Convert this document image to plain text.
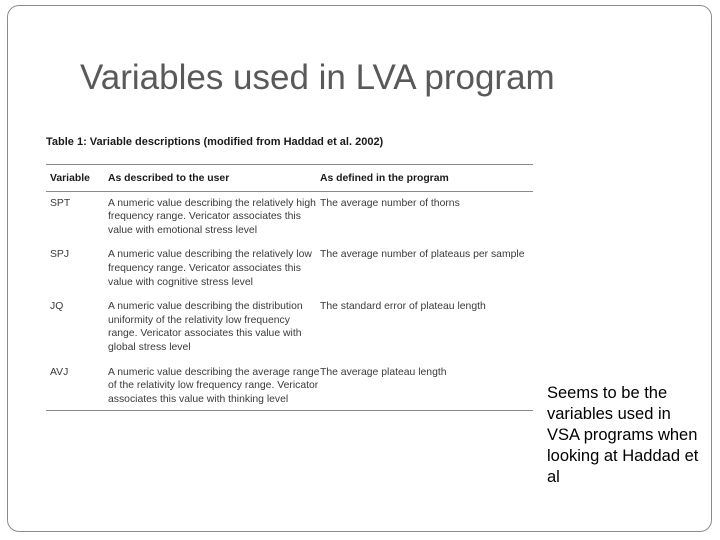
Variables used in LVA program
Table 1: Variable descriptions (modified from Haddad et al. 2002)
Variable	As described to the user	As defined in the program
SPT	A numeric value describing the relatively high frequency range. Vericator associates this value with emotional stress level	The average number of thorns
SPJ	A numeric value describing the relatively low frequency range. Vericator associates this value with cognitive stress level	The average number of plateaus per sample
JQ	A numeric value describing the distribution uniformity of the relativity low frequency range. Vericator associates this value with global stress level	The standard error of plateau length
AVJ	A numeric value describing the average range of the relativity low frequency range. Vericator associates this value with thinking level	The average plateau length

Seems to be the variables used in VSA programs when looking at Haddad et al
